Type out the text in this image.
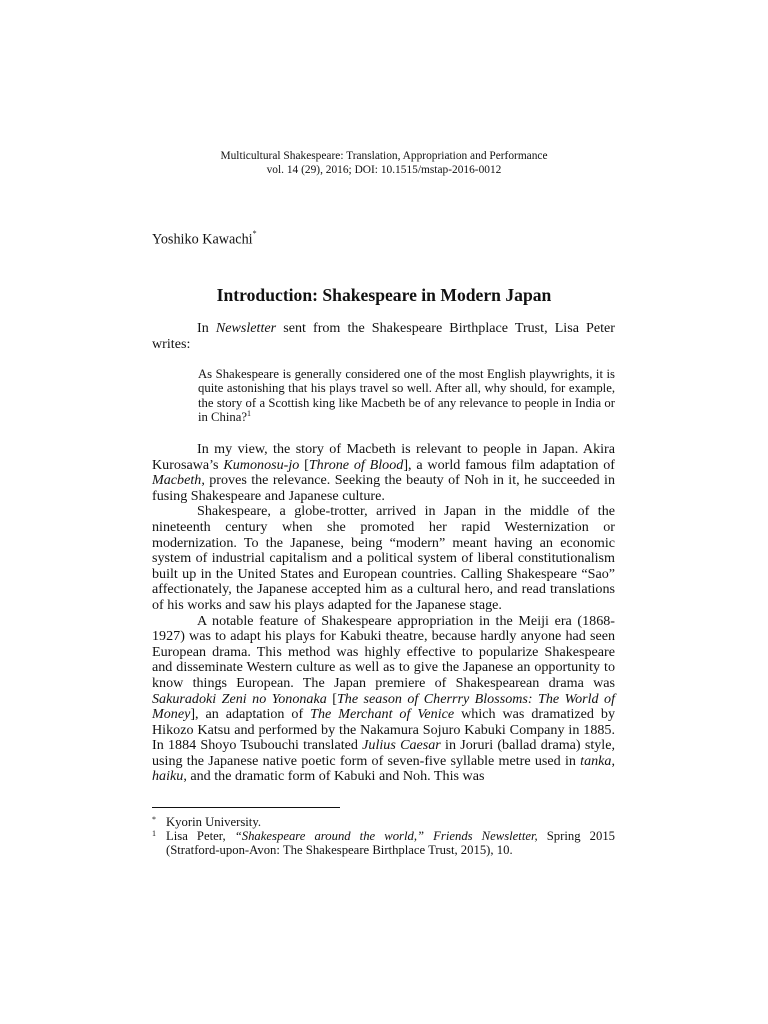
Multicultural Shakespeare: Translation, Appropriation and Performance
vol. 14 (29), 2016; DOI: 10.1515/mstap-2016-0012
Yoshiko Kawachi*
Introduction: Shakespeare in Modern Japan

In Newsletter sent from the Shakespeare Birthplace Trust, Lisa Peter writes:

As Shakespeare is generally considered one of the most English playwrights, it is quite astonishing that his plays travel so well. After all, why should, for example, the story of a Scottish king like Macbeth be of any relevance to people in India or in China?$^1$

In my view, the story of Macbeth is relevant to people in Japan. Akira Kurosawa’s Kumonosu-jo [Throne of Blood], a world famous film adaptation of Macbeth, proves the relevance. Seeking the beauty of Noh in it, he succeeded in fusing Shakespeare and Japanese culture.

Shakespeare, a globe-trotter, arrived in Japan in the middle of the nineteenth century when she promoted her rapid Westernization or modernization. To the Japanese, being “modern” meant having an economic system of industrial capitalism and a political system of liberal constitutionalism built up in the United States and European countries. Calling Shakespeare “Sao” affectionately, the Japanese accepted him as a cultural hero, and read translations of his works and saw his plays adapted for the Japanese stage.

A notable feature of Shakespeare appropriation in the Meiji era (1868-1927) was to adapt his plays for Kabuki theatre, because hardly anyone had seen European drama. This method was highly effective to popularize Shakespeare and disseminate Western culture as well as to give the Japanese an opportunity to know things European. The Japan premiere of Shakespearean drama was Sakuradoki Zeni no Yononaka [The season of Cherrry Blossoms: The World of Money], an adaptation of The Merchant of Venice which was dramatized by Hikozo Katsu and performed by the Nakamura Sojuro Kabuki Company in 1885. In 1884 Shoyo Tsubouchi translated Julius Caesar in Joruri (ballad drama) style, using the Japanese native poetic form of seven-five syllable metre used in tanka, haiku, and the dramatic form of Kabuki and Noh. This was

* Kyorin University.
1 Lisa Peter, “Shakespeare around the world,” Friends Newsletter, Spring 2015 (Stratford-upon-Avon: The Shakespeare Birthplace Trust, 2015), 10.
